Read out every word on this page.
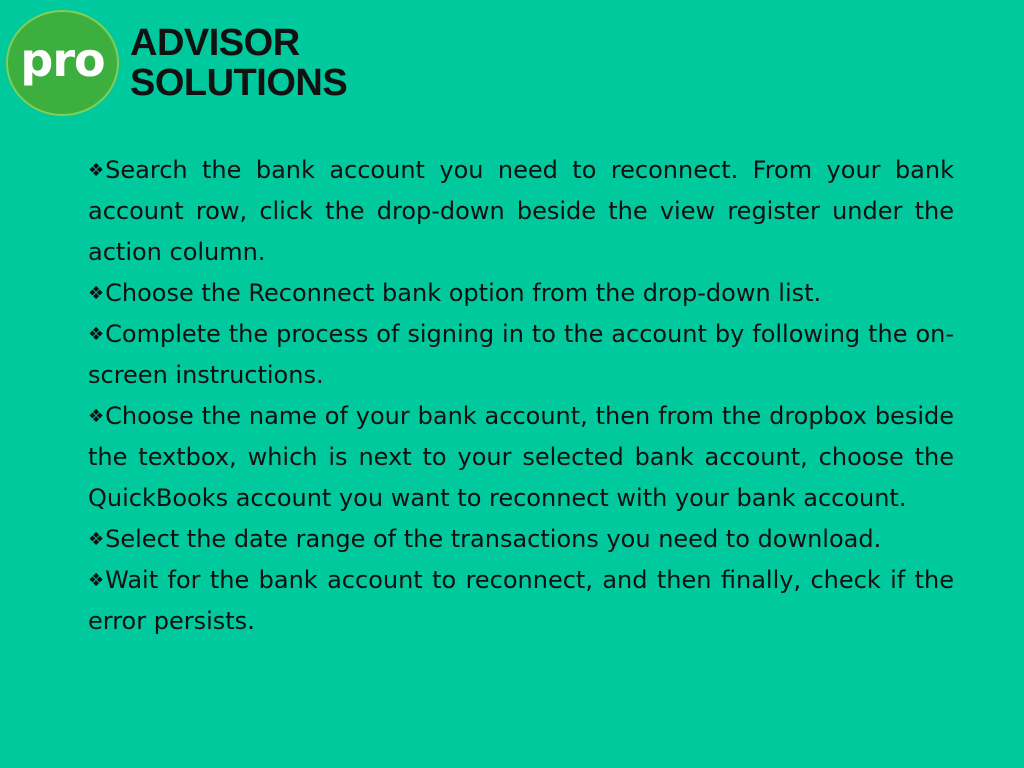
pro ADVISOR
SOLUTIONS

❖Search the bank account you need to reconnect. From your bank account row, click the drop-down beside the view register under the action column.

❖Choose the Reconnect bank option from the drop-down list.

❖Complete the process of signing in to the account by following the on-screen instructions.

❖Choose the name of your bank account, then from the dropbox beside the textbox, which is next to your selected bank account, choose the QuickBooks account you want to reconnect with your bank account.

❖Select the date range of the transactions you need to download.

❖Wait for the bank account to reconnect, and then finally, check if the error persists.
